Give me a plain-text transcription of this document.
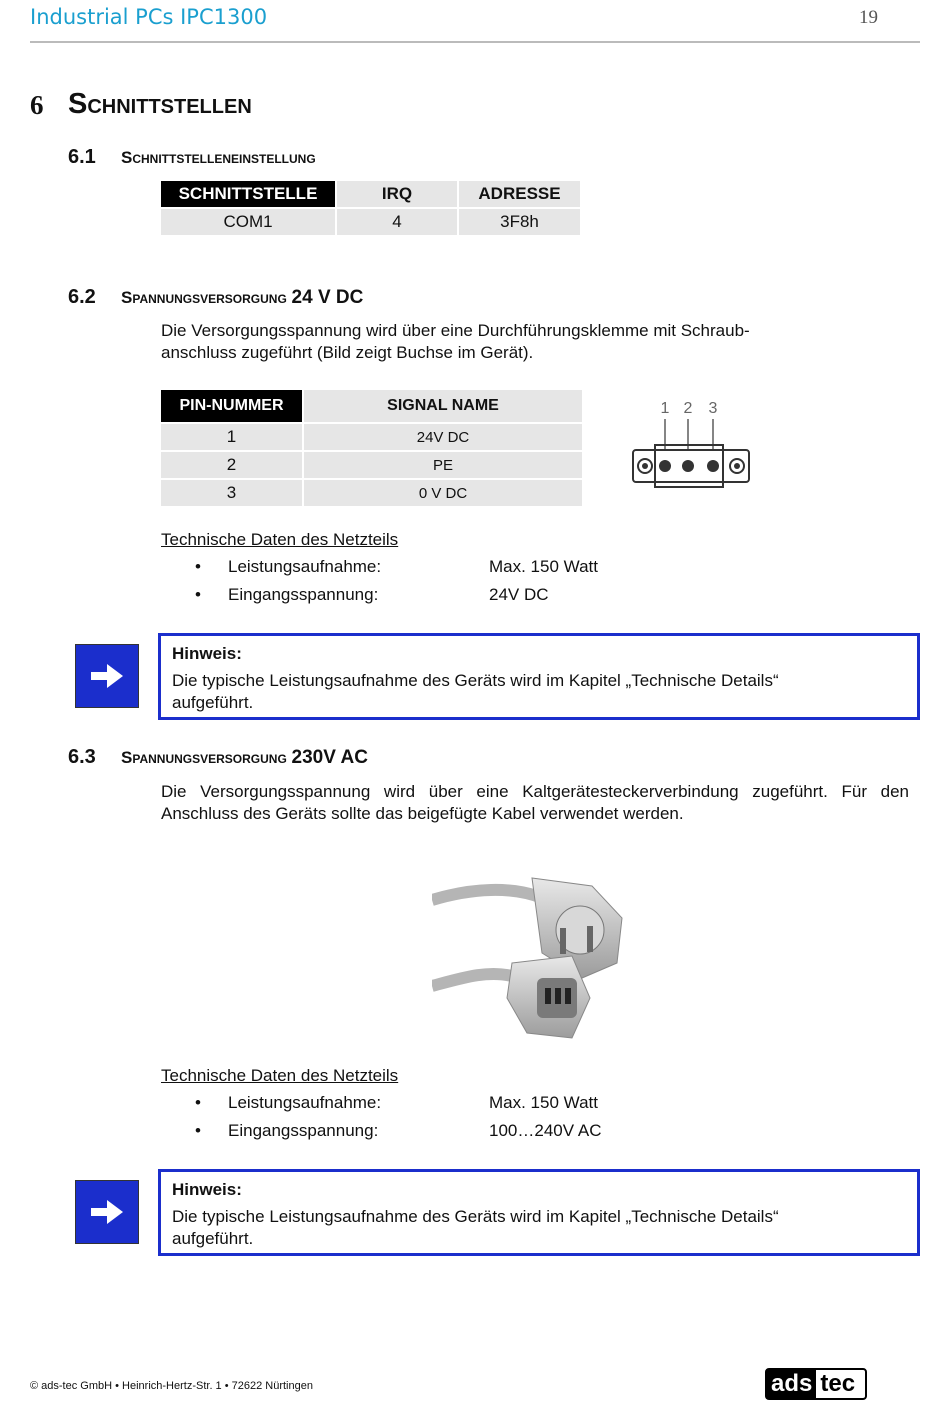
Industrial PCs IPC1300	19
6 Schnittstellen
6.1 Schnittstelleneinstellung
SCHNITTSTELLE	IRQ	ADRESSE
COM1	4	3F8h
6.2 Spannungsversorgung 24 V DC
Die Versorgungsspannung wird über eine Durchführungsklemme mit Schraub-
anschluss zugeführt (Bild zeigt Buchse im Gerät).
PIN-NUMMER	SIGNAL NAME
1	24V DC
2	PE
3	0 V DC
1 2 3
Technische Daten des Netzteils
• Leistungsaufnahme:	Max. 150 Watt
• Eingangsspannung:	24V DC
Hinweis:
Die typische Leistungsaufnahme des Geräts wird im Kapitel „Technische Details“
aufgeführt.
6.3 Spannungsversorgung 230V AC
Die Versorgungsspannung wird über eine Kaltgerätesteckerverbindung zugeführt. Für den
Anschluss des Geräts sollte das beigefügte Kabel verwendet werden.
Technische Daten des Netzteils
• Leistungsaufnahme:	Max. 150 Watt
• Eingangsspannung:	100…240V AC
Hinweis:
Die typische Leistungsaufnahme des Geräts wird im Kapitel „Technische Details“
aufgeführt.
© ads-tec GmbH • Heinrich-Hertz-Str. 1 • 72622 Nürtingen	ads tec
